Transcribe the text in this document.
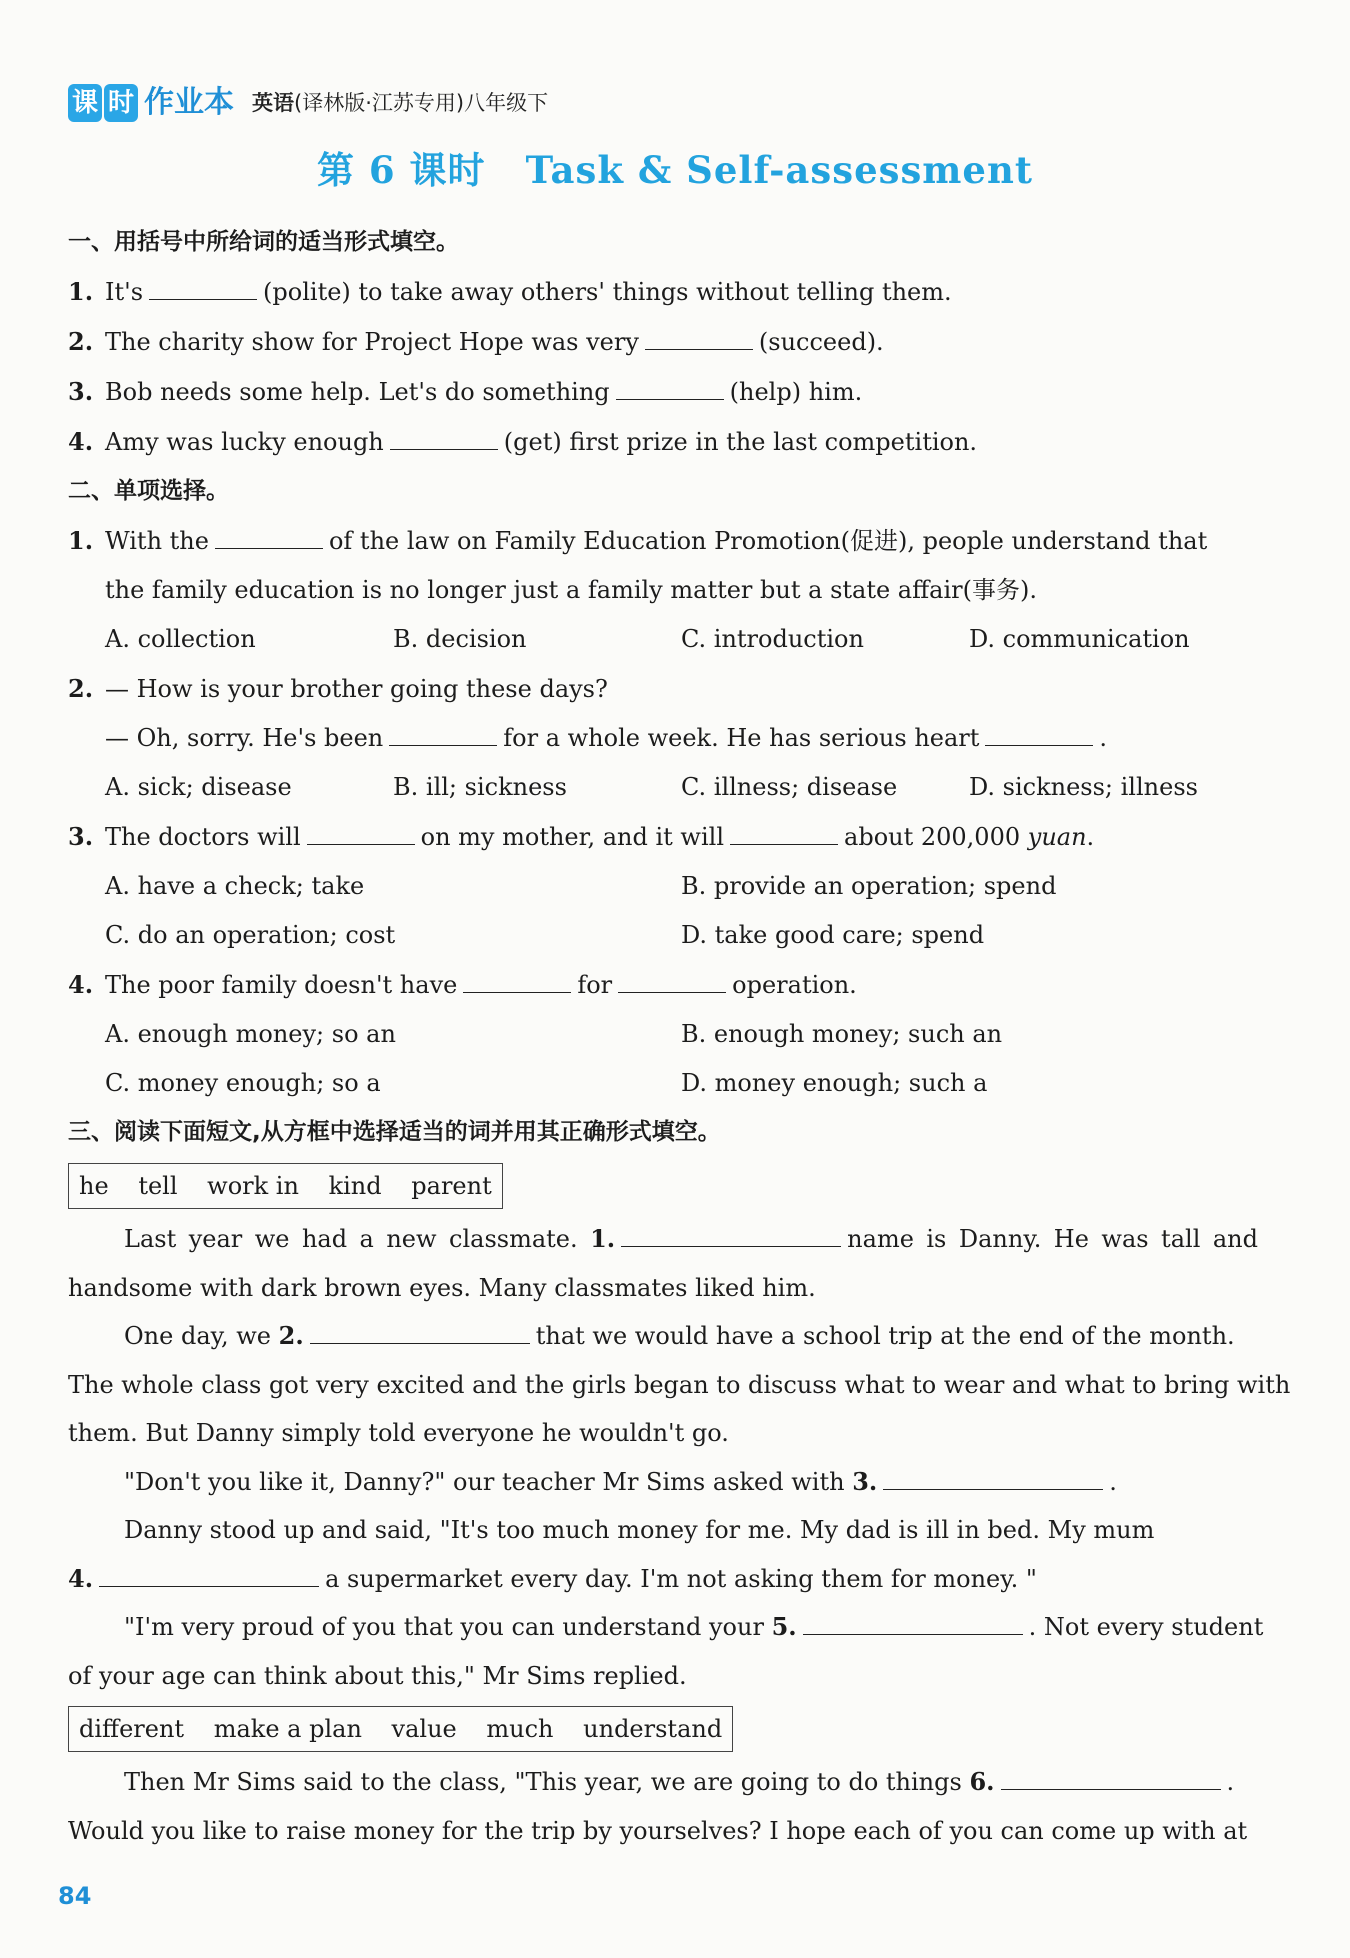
课 时 作业本 英语(译林版·江苏专用)八年级下
第 6 课时 Task & Self-assessment
一、用括号中所给词的适当形式填空。
1. It's	(polite) to take away others' things without telling them.
2. The charity show for Project Hope was very	(succeed).
3. Bob needs some help. Let's do something	(help) him.
4. Amy was lucky enough	(get) first prize in the last competition.
二、单项选择。
1. With the	of the law on Family Education Promotion(促进), people understand that
the family education is no longer just a family matter but a state affair(事务).
A. collection	B. decision	C. introduction	D. communication
2. — How is your brother going these days?
— Oh, sorry. He's been	for a whole week. He has serious heart	.
A. sick; disease	B. ill; sickness	C. illness; disease	D. sickness; illness
3. The doctors will	on my mother, and it will	about 200,000 yuan.
A. have a check; take	B. provide an operation; spend
C. do an operation; cost	D. take good care; spend
4. The poor family doesn't have	for	operation.
A. enough money; so an	B. enough money; such an
C. money enough; so a	D. money enough; such a
三、阅读下面短文,从方框中选择适当的词并用其正确形式填空。
he tell work in kind parent
Last year we had a new classmate. 1.	name is Danny. He was tall and
handsome with dark brown eyes. Many classmates liked him.
One day, we 2.	that we would have a school trip at the end of the month.
The whole class got very excited and the girls began to discuss what to wear and what to bring with
them. But Danny simply told everyone he wouldn't go.
"Don't you like it, Danny?" our teacher Mr Sims asked with 3.	.
Danny stood up and said, "It's too much money for me. My dad is ill in bed. My mum
4.	a supermarket every day. I'm not asking them for money. "
"I'm very proud of you that you can understand your 5.	. Not every student
of your age can think about this," Mr Sims replied.
different make a plan value much understand
Then Mr Sims said to the class, "This year, we are going to do things 6.	.
Would you like to raise money for the trip by yourselves? I hope each of you can come up with at
84
